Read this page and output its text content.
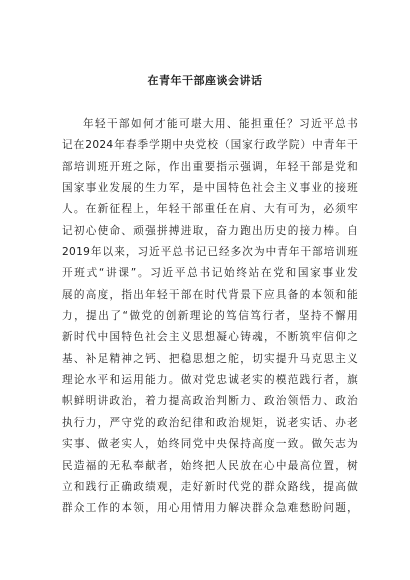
在青年干部座谈会讲话
年轻干部如何才能可堪大用、能担重任？习近平总书
记在2024年春季学期中央党校（国家行政学院）中青年干
部培训班开班之际，作出重要指示强调，年轻干部是党和
国家事业发展的生力军，是中国特色社会主义事业的接班
人。在新征程上，年轻干部重任在肩、大有可为，必须牢
记初心使命、顽强拼搏进取，奋力跑出历史的接力棒。自
2019年以来，习近平总书记已经多次为中青年干部培训班
开班式“讲课”。习近平总书记始终站在党和国家事业发
展的高度，指出年轻干部在时代背景下应具备的本领和能
力，提出了“做党的创新理论的笃信笃行者，坚持不懈用
新时代中国特色社会主义思想凝心铸魂，不断筑牢信仰之
基、补足精神之钙、把稳思想之舵，切实提升马克思主义
理论水平和运用能力。做对党忠诚老实的模范践行者，旗
帜鲜明讲政治，着力提高政治判断力、政治领悟力、政治
执行力，严守党的政治纪律和政治规矩，说老实话、办老
实事、做老实人，始终同党中央保持高度一致。做矢志为
民造福的无私奉献者，始终把人民放在心中最高位置，树
立和践行正确政绩观，走好新时代党的群众路线，提高做
群众工作的本领，用心用情用力解决群众急难愁盼问题，
